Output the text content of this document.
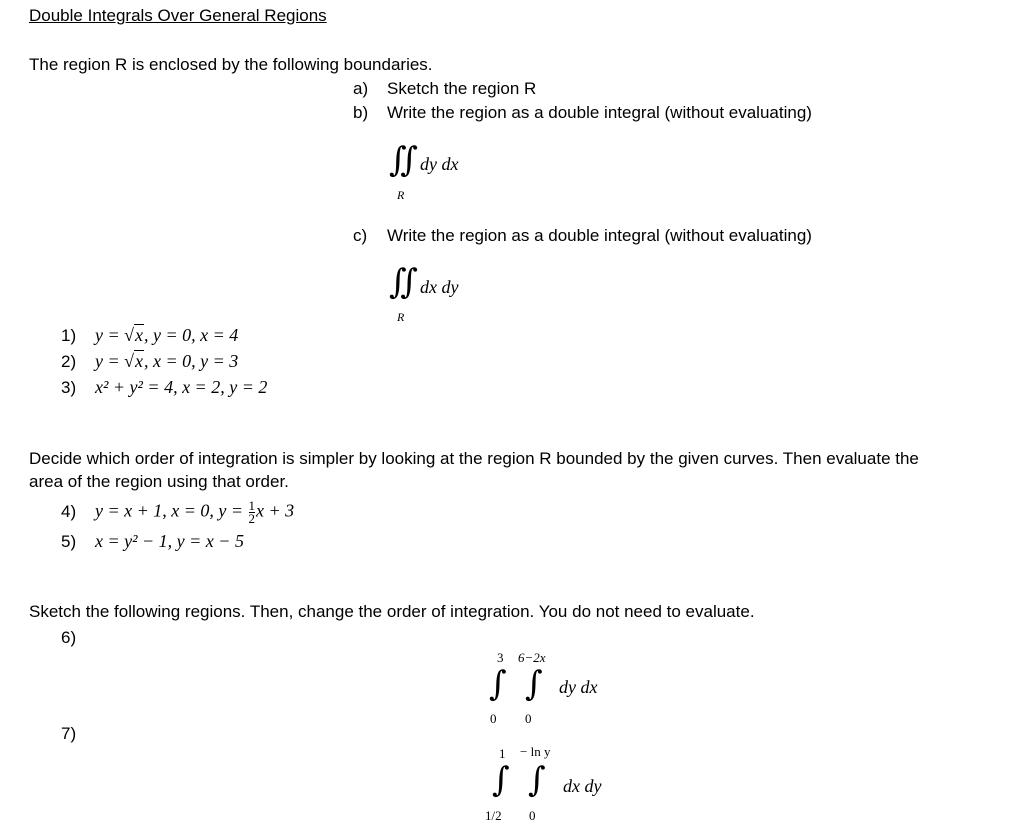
Double Integrals Over General Regions
The region R is enclosed by the following boundaries.
a) Sketch the region R
b) Write the region as a double integral (without evaluating)
∬
R
dy dx
c) Write the region as a double integral (without evaluating)
∬
R
dx dy
1) y = √x, y = 0, x = 4
2) y = √x, x = 0, y = 3
3) x² + y² = 4, x = 2, y = 2
Decide which order of integration is simpler by looking at the region R bounded by the given curves. Then evaluate the
area of the region using that order.
4) y = x + 1, x = 0, $y = \frac{1}{2}$ x + 3
5) x = y² − 1, y = x − 5
Sketch the following regions. Then, change the order of integration. You do not need to evaluate.
6)
3 6−2x
∫ ∫
0 0
dy dx
7)
1 − ln y
∫ ∫
1/2 0
dx dy
